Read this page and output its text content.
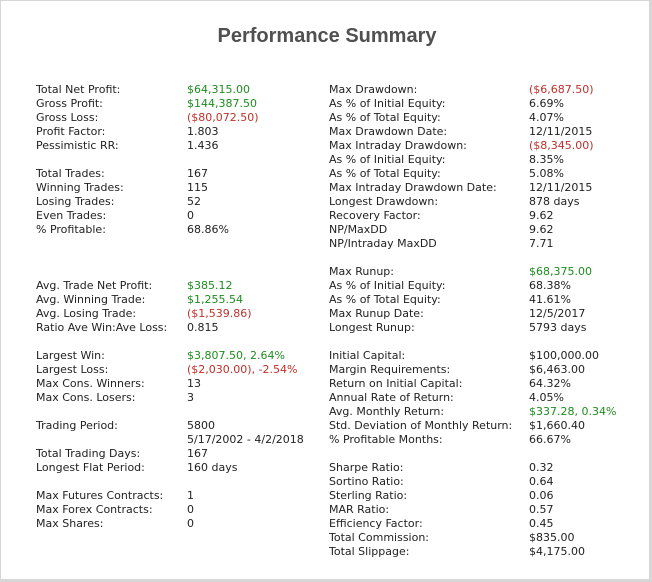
Performance Summary
Total Net Profit:	$64,315.00
Gross Profit:	$144,387.50
Gross Loss:	($80,072.50)
Profit Factor:	1.803
Pessimistic RR:	1.436
Total Trades:	167
Winning Trades:	115
Losing Trades:	52
Even Trades:	0
% Profitable:	68.86%
Avg. Trade Net Profit:	$385.12
Avg. Winning Trade:	$1,255.54
Avg. Losing Trade:	($1,539.86)
Ratio Ave Win:Ave Loss: 0.815
Largest Win:	$3,807.50, 2.64%
Largest Loss:	($2,030.00), -2.54%
Max Cons. Winners:	13
Max Cons. Losers:	3
Trading Period:	5800
5/17/2002 - 4/2/2018
Total Trading Days:	167
Longest Flat Period:	160 days
Max Futures Contracts: 1
Max Forex Contracts:	0
Max Shares:	0
Max Drawdown:	($6,687.50)
As % of Initial Equity:	6.69%
As % of Total Equity:	4.07%
Max Drawdown Date:	12/11/2015
Max Intraday Drawdown:	($8,345.00)
As % of Initial Equity:	8.35%
As % of Total Equity:	5.08%
Max Intraday Drawdown Date:	12/11/2015
Longest Drawdown:	878 days
Recovery Factor:	9.62
NP/MaxDD	9.62
NP/Intraday MaxDD	7.71
Max Runup:	$68,375.00
As % of Initial Equity:	68.38%
As % of Total Equity:	41.61%
Max Runup Date:	12/5/2017
Longest Runup:	5793 days
Initial Capital:	$100,000.00
Margin Requirements:	$6,463.00
Return on Initial Capital:	64.32%
Annual Rate of Return:	4.05%
Avg. Monthly Return:	$337.28, 0.34%
Std. Deviation of Monthly Return: $1,660.40
% Profitable Months:	66.67%
Sharpe Ratio:	0.32
Sortino Ratio:	0.64
Sterling Ratio:	0.06
MAR Ratio:	0.57
Efficiency Factor:	0.45
Total Commission:	$835.00
Total Slippage:	$4,175.00
